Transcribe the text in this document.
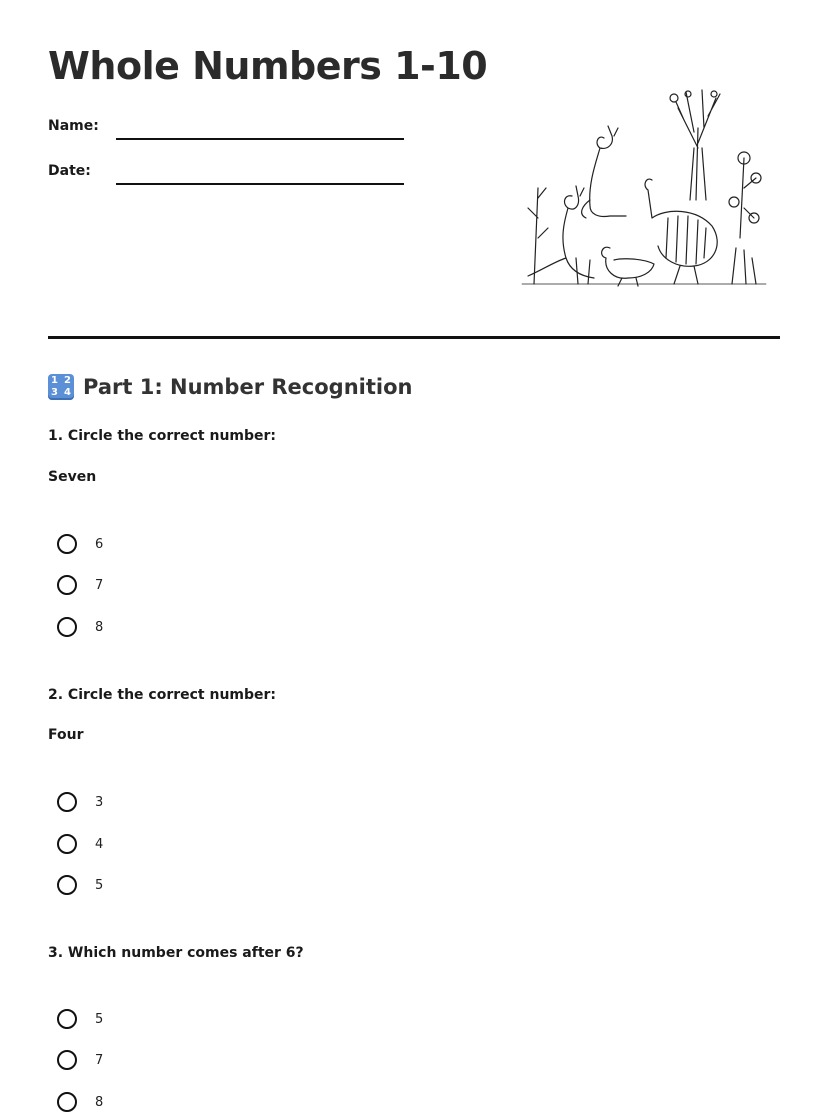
Whole Numbers 1-10
Name:
Date:
1 2
3 4 Part 1: Number Recognition
1. Circle the correct number:
Seven
6
7
8
2. Circle the correct number:
Four
3
4
5
3. Which number comes after 6?
5
7
8
